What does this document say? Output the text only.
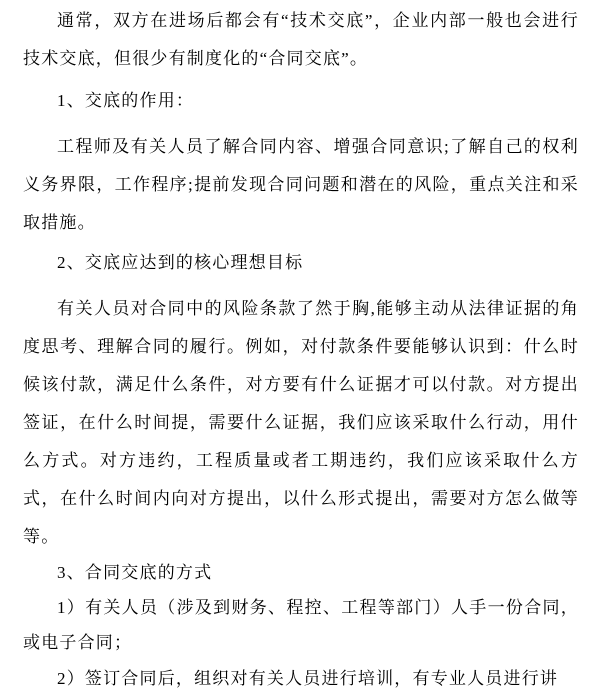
通常，双方在进场后都会有“技术交底”，企业内部一般也会进行技术交底，但很少有制度化的“合同交底”。

1、交底的作用：

工程师及有关人员了解合同内容、增强合同意识;了解自己的权利义务界限，工作程序;提前发现合同问题和潜在的风险，重点关注和采取措施。

2、交底应达到的核心理想目标

有关人员对合同中的风险条款了然于胸,能够主动从法律证据的角度思考、理解合同的履行。例如，对付款条件要能够认识到：什么时候该付款，满足什么条件，对方要有什么证据才可以付款。对方提出签证，在什么时间提，需要什么证据，我们应该采取什么行动，用什么方式。对方违约，工程质量或者工期违约，我们应该采取什么方式，在什么时间内向对方提出，以什么形式提出，需要对方怎么做等等。

3、合同交底的方式

1）有关人员（涉及到财务、程控、工程等部门）人手一份合同，或电子合同；

2）签订合同后，组织对有关人员进行培训，有专业人员进行讲
